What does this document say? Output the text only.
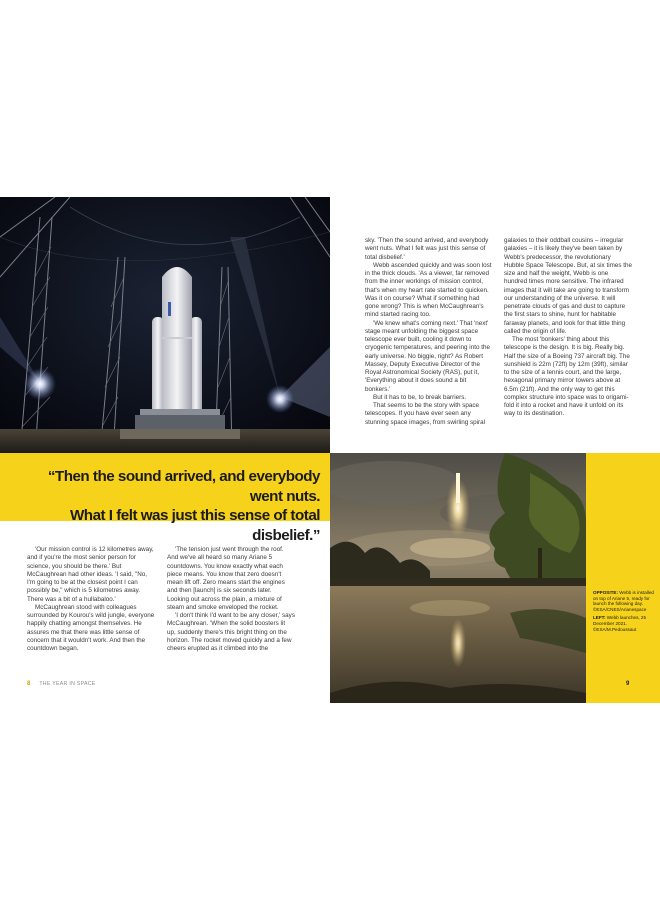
sky. 'Then the sound arrived, and everybody went nuts. What I felt was just this sense of total disbelief.'

Webb ascended quickly and was soon lost in the thick clouds. 'As a viewer, far removed from the inner workings of mission control, that's when my heart rate started to quicken. Was it on course? What if something had gone wrong? This is when McCaughrean's mind started racing too.

'We knew what's coming next.' That 'next' stage meant unfolding the biggest space telescope ever built, cooling it down to cryogenic temperatures, and peering into the early universe. No biggie, right? As Robert Massey, Deputy Executive Director of the Royal Astronomical Society (RAS), put it, 'Everything about it does sound a bit bonkers.'

But it has to be, to break barriers.

That seems to be the story with space telescopes. If you have ever seen any stunning space images, from swirling spiral

galaxies to their oddball cousins – irregular galaxies – it is likely they've been taken by Webb's predecessor, the revolutionary Hubble Space Telescope. But, at six times the size and half the weight, Webb is one hundred times more sensitive. The infrared images that it will take are going to transform our understanding of the universe. It will penetrate clouds of gas and dust to capture the first stars to shine, hunt for habitable faraway planets, and look for that little thing called the origin of life.

The most 'bonkers' thing about this telescope is the design. It is big. Really big. Half the size of a Boeing 737 aircraft big. The sunshield is 22m (72ft) by 12m (39ft), similar to the size of a tennis court, and the large, hexagonal primary mirror towers above at 6.5m (21ft). And the only way to get this complex structure into space was to origami-fold it into a rocket and have it unfold on its way to its destination.

“Then the sound arrived, and everybody went nuts.
What I felt was just this sense of total disbelief.”

'Our mission control is 12 kilometres away, and if you're the most senior person for science, you should be there.' But McCaughrean had other ideas. 'I said, "No, I'm going to be at the closest point I can possibly be," which is 5 kilometres away. There was a bit of a hullabaloo.'

McCaughrean stood with colleagues surrounded by Kourou's wild jungle, everyone happily chatting amongst themselves. He assures me that there was little sense of concern that it wouldn't work. And then the countdown began.

'The tension just went through the roof. And we've all heard so many Ariane 5 countdowns. You know exactly what each piece means. You know that zero doesn't mean lift off. Zero means start the engines and then [launch] is six seconds later. Looking out across the plain, a mixture of steam and smoke enveloped the rocket.

'I don't think I'd want to be any closer,' says McCaughrean. 'When the solid boosters lit up, suddenly there's this bright thing on the horizon. The rocket moved quickly and a few cheers erupted as it climbed into the

OPPOSITE: Webb is installed on top of Ariane 5, ready for launch the following day. ©ESA/CNES/Arianespace

LEFT: Webb launches, 25 December 2021. ©ESA/M.Pedoussaut

8 THE YEAR IN SPACE	9
